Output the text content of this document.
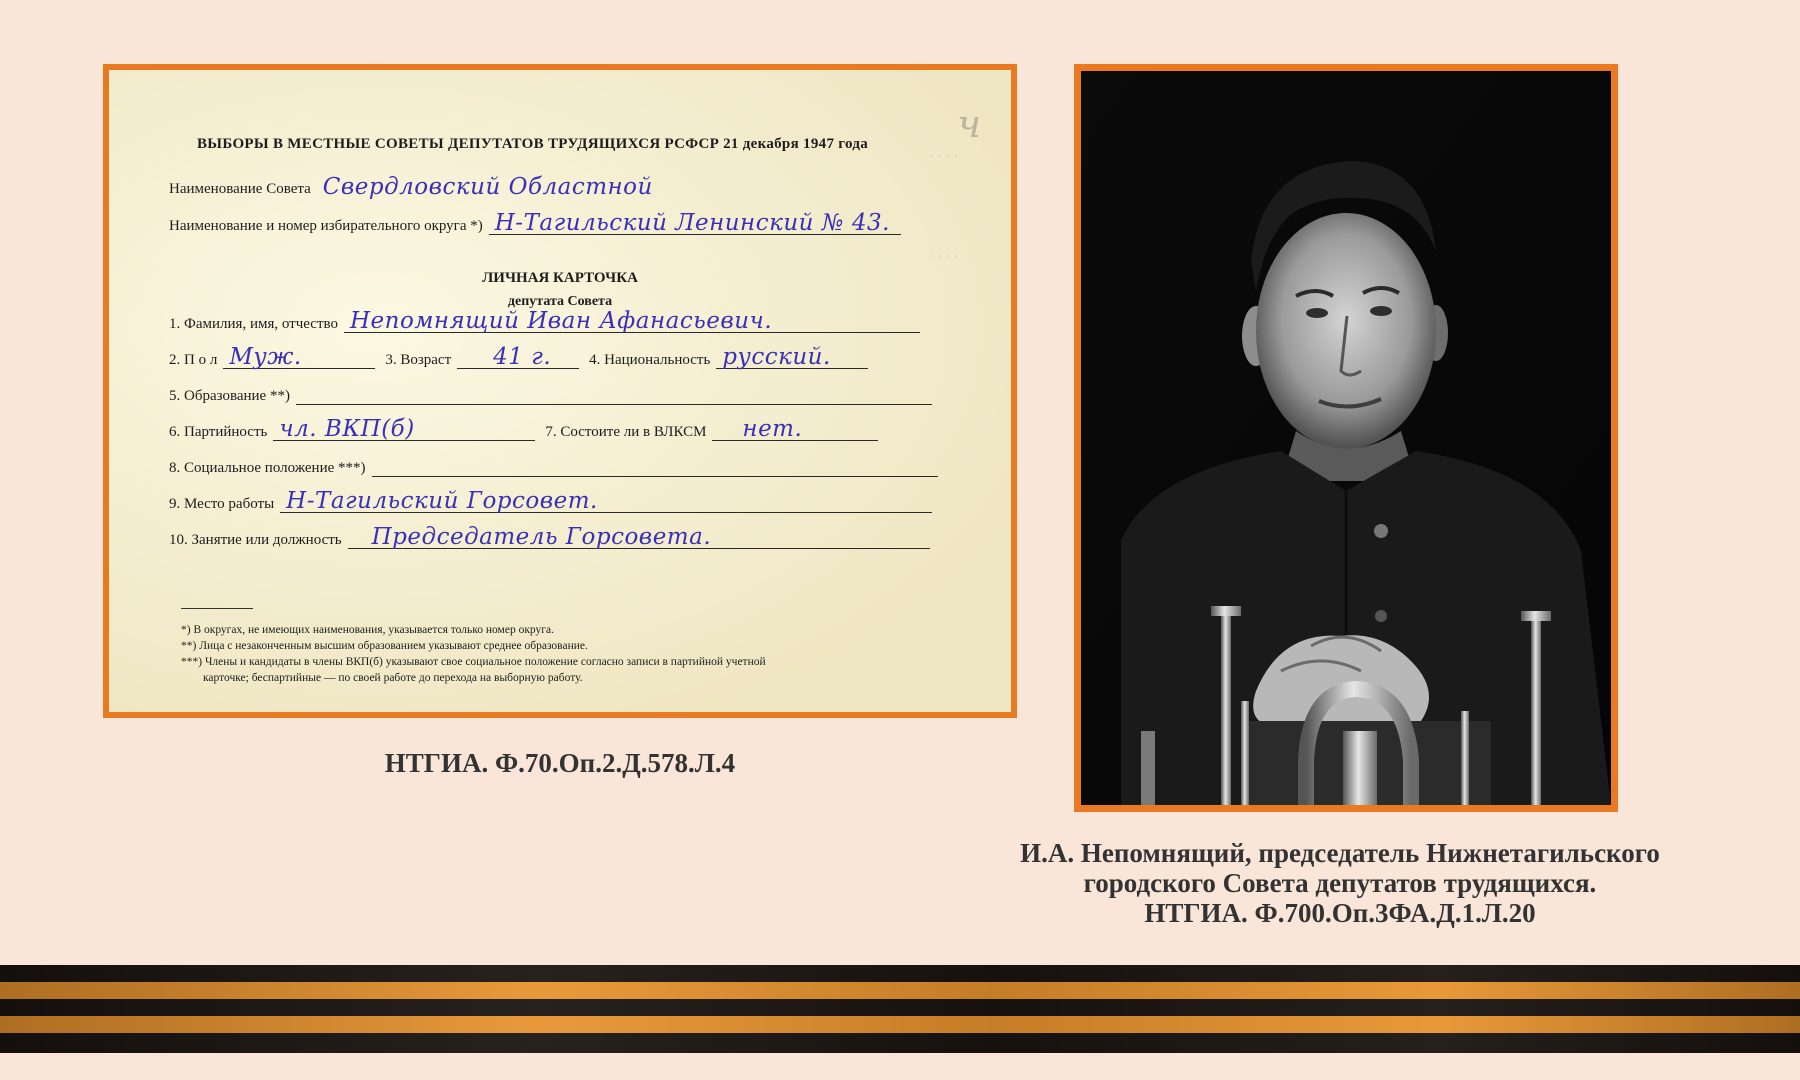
· · · ·
· · · ·
ч
ВЫБОРЫ В МЕСТНЫЕ СОВЕТЫ ДЕПУТАТОВ ТРУДЯЩИХСЯ РСФСР 21 декабря 1947 года
Наименование Совета Свердловский Областной
Наименование и номер избирательного округа *) Н-Тагильский Ленинский № 43.
ЛИЧНАЯ КАРТОЧКА
депутата Совета
1. Фамилия, имя, отчество Непомнящий Иван Афанасьевич.
2. П о л Муж.	3. Возраст 41 г.	4. Национальность русский.
5. Образование **)
6. Партийность чл. ВКП(б)	7. Состоите ли в ВЛКСМ нет.
8. Социальное положение ***)
9. Место работы Н-Тагильский Горсовет.
10. Занятие или должность Председатель Горсовета.
*) В округах, не имеющих наименования, указывается только номер округа.
**) Лица с незаконченным высшим образованием указывают среднее образование.
***) Члены и кандидаты в члены ВКП(б) указывают свое социальное положение согласно записи в партийной учетной
карточке; беспартийные — по своей работе до перехода на выборную работу.
НТГИА. Ф.70.Оп.2.Д.578.Л.4
И.А. Непомнящий, председатель Нижнетагильского
городского Совета депутатов трудящихся.
НТГИА. Ф.700.Оп.3ФА.Д.1.Л.20
